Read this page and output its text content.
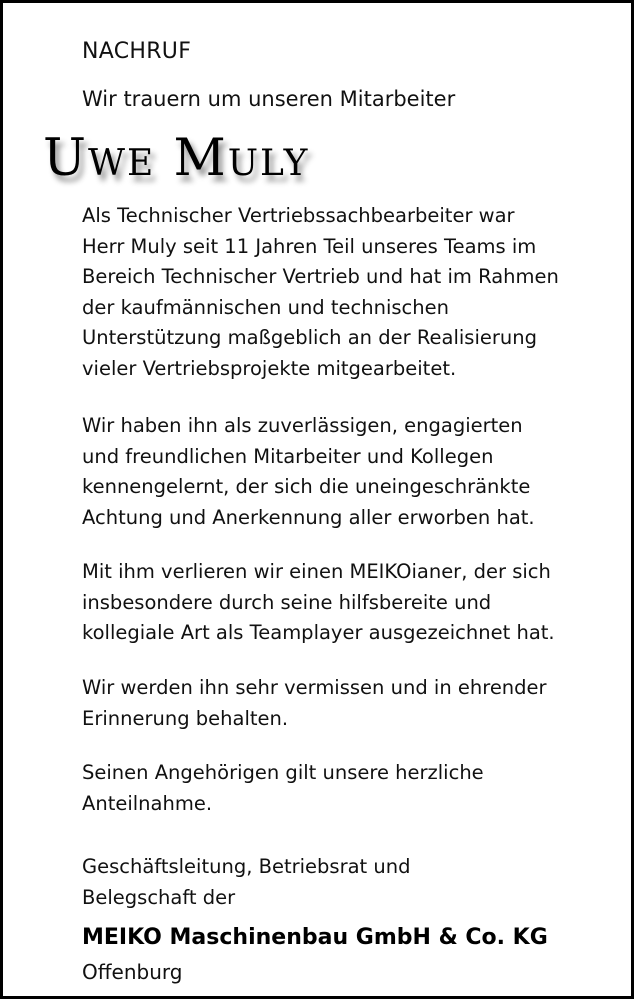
NACHRUF
Wir trauern um unseren Mitarbeiter
Uwe Muly

Als Technischer Vertriebssachbearbeiter war
Herr Muly seit 11 Jahren Teil unseres Teams im
Bereich Technischer Vertrieb und hat im Rahmen
der kaufmännischen und technischen
Unterstützung maßgeblich an der Realisierung
vieler Vertriebsprojekte mitgearbeitet.

Wir haben ihn als zuverlässigen, engagierten
und freundlichen Mitarbeiter und Kollegen
kennengelernt, der sich die uneingeschränkte
Achtung und Anerkennung aller erworben hat.

Mit ihm verlieren wir einen MEIKOianer, der sich
insbesondere durch seine hilfsbereite und
kollegiale Art als Teamplayer ausgezeichnet hat.

Wir werden ihn sehr vermissen und in ehrender
Erinnerung behalten.

Seinen Angehörigen gilt unsere herzliche
Anteilnahme.

Geschäftsleitung, Betriebsrat und
Belegschaft der

MEIKO Maschinenbau GmbH & Co. KG
Offenburg
